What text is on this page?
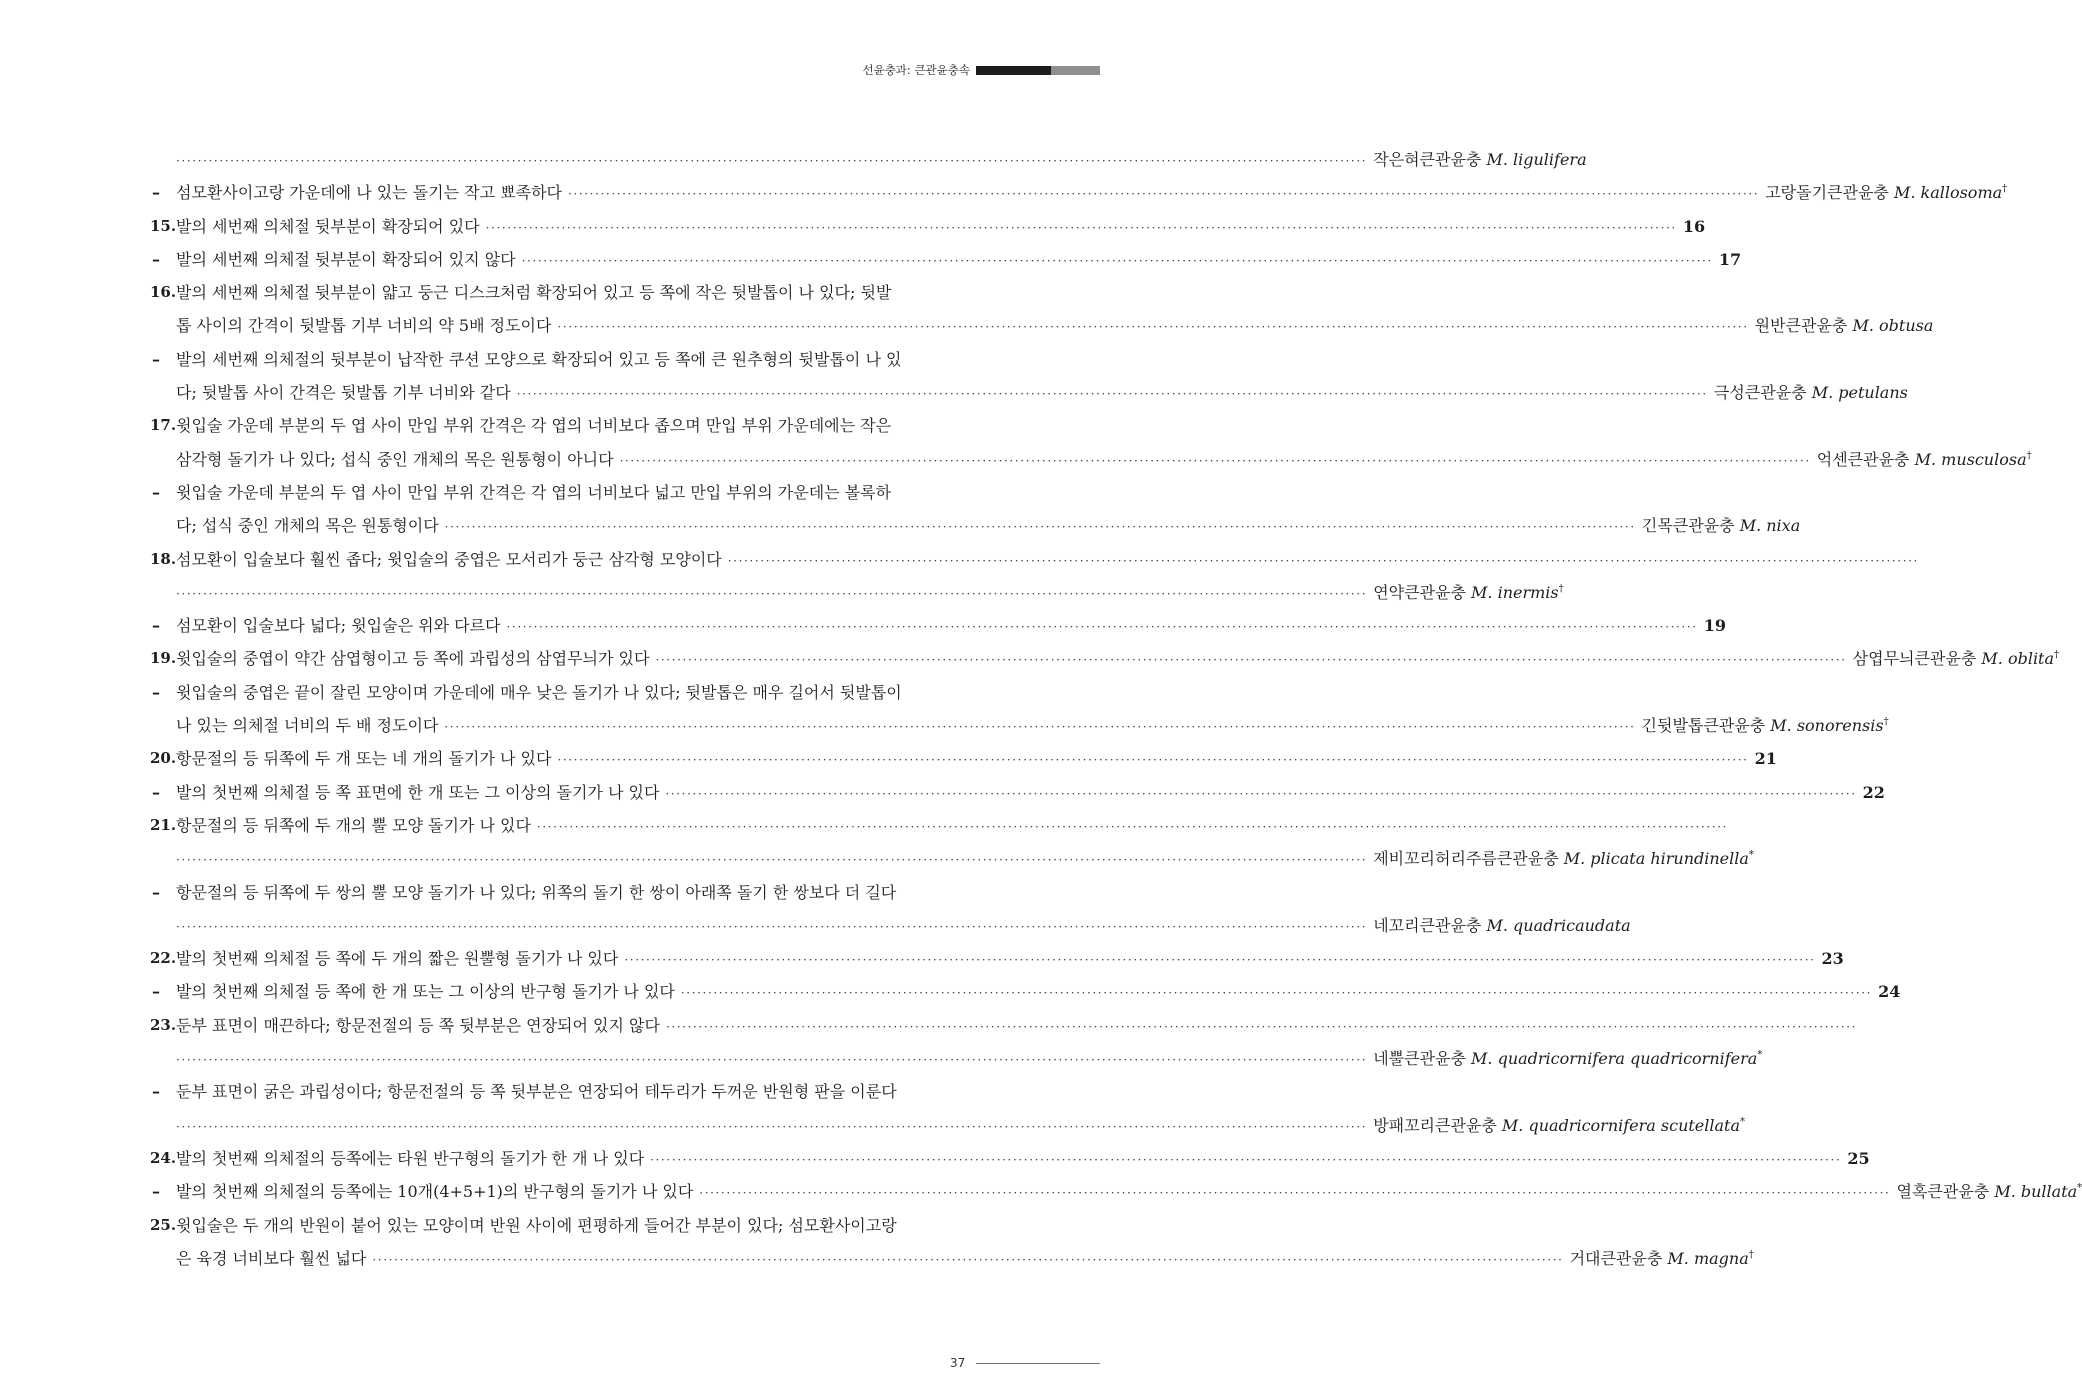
선윤충과: 큰관윤충속
···························································································································································································································· 작은혀큰관윤충 M. ligulifera
– 섬모환사이고랑 가운데에 나 있는 돌기는 작고 뾰족하다 ···························································································································································································································· 고랑돌기큰관윤충 M. kallosoma†
15. 발의 세번째 의체절 뒷부분이 확장되어 있다 ···························································································································································································································· 16
– 발의 세번째 의체절 뒷부분이 확장되어 있지 않다 ···························································································································································································································· 17
16. 발의 세번째 의체절 뒷부분이 얇고 둥근 디스크처럼 확장되어 있고 등 쪽에 작은 뒷발톱이 나 있다; 뒷발
톱 사이의 간격이 뒷발톱 기부 너비의 약 5배 정도이다 ···························································································································································································································· 원반큰관윤충 M. obtusa
– 발의 세번째 의체절의 뒷부분이 납작한 쿠션 모양으로 확장되어 있고 등 쪽에 큰 원추형의 뒷발톱이 나 있
다; 뒷발톱 사이 간격은 뒷발톱 기부 너비와 같다 ···························································································································································································································· 극성큰관윤충 M. petulans
17. 윗입술 가운데 부분의 두 엽 사이 만입 부위 간격은 각 엽의 너비보다 좁으며 만입 부위 가운데에는 작은
삼각형 돌기가 나 있다; 섭식 중인 개체의 목은 원통형이 아니다 ···························································································································································································································· 억센큰관윤충 M. musculosa†
– 윗입술 가운데 부분의 두 엽 사이 만입 부위 간격은 각 엽의 너비보다 넓고 만입 부위의 가운데는 볼록하
다; 섭식 중인 개체의 목은 원통형이다 ···························································································································································································································· 긴목큰관윤충 M. nixa
18. 섬모환이 입술보다 훨씬 좁다; 윗입술의 중엽은 모서리가 둥근 삼각형 모양이다 ····························································································································································································································
···························································································································································································································· 연약큰관윤충 M. inermis†
– 섬모환이 입술보다 넓다; 윗입술은 위와 다르다 ···························································································································································································································· 19
19. 윗입술의 중엽이 약간 삼엽형이고 등 쪽에 과립성의 삼엽무늬가 있다 ···························································································································································································································· 삼엽무늬큰관윤충 M. oblita†
– 윗입술의 중엽은 끝이 잘린 모양이며 가운데에 매우 낮은 돌기가 나 있다; 뒷발톱은 매우 길어서 뒷발톱이
나 있는 의체절 너비의 두 배 정도이다 ···························································································································································································································· 긴뒷발톱큰관윤충 M. sonorensis†
20. 항문절의 등 뒤쪽에 두 개 또는 네 개의 돌기가 나 있다 ···························································································································································································································· 21
– 발의 첫번째 의체절 등 쪽 표면에 한 개 또는 그 이상의 돌기가 나 있다 ···························································································································································································································· 22
21. 항문절의 등 뒤쪽에 두 개의 뿔 모양 돌기가 나 있다 ····························································································································································································································
···························································································································································································································· 제비꼬리허리주름큰관윤충 M. plicata hirundinella*
– 항문절의 등 뒤쪽에 두 쌍의 뿔 모양 돌기가 나 있다; 위쪽의 돌기 한 쌍이 아래쪽 돌기 한 쌍보다 더 길다
···························································································································································································································· 네꼬리큰관윤충 M. quadricaudata
22. 발의 첫번째 의체절 등 쪽에 두 개의 짧은 원뿔형 돌기가 나 있다 ···························································································································································································································· 23
– 발의 첫번째 의체절 등 쪽에 한 개 또는 그 이상의 반구형 돌기가 나 있다 ···························································································································································································································· 24
23. 둔부 표면이 매끈하다; 항문전절의 등 쪽 뒷부분은 연장되어 있지 않다 ····························································································································································································································
···························································································································································································································· 네뿔큰관윤충 M. quadricornifera quadricornifera*
– 둔부 표면이 굵은 과립성이다; 항문전절의 등 쪽 뒷부분은 연장되어 테두리가 두꺼운 반원형 판을 이룬다
···························································································································································································································· 방패꼬리큰관윤충 M. quadricornifera scutellata*
24. 발의 첫번째 의체절의 등쪽에는 타원 반구형의 돌기가 한 개 나 있다 ···························································································································································································································· 25
– 발의 첫번째 의체절의 등쪽에는 10개(4+5+1)의 반구형의 돌기가 나 있다 ···························································································································································································································· 열혹큰관윤충 M. bullata*
25. 윗입술은 두 개의 반원이 붙어 있는 모양이며 반원 사이에 편평하게 들어간 부분이 있다; 섬모환사이고랑
은 육경 너비보다 훨씬 넓다 ···························································································································································································································· 거대큰관윤충 M. magna†
37
